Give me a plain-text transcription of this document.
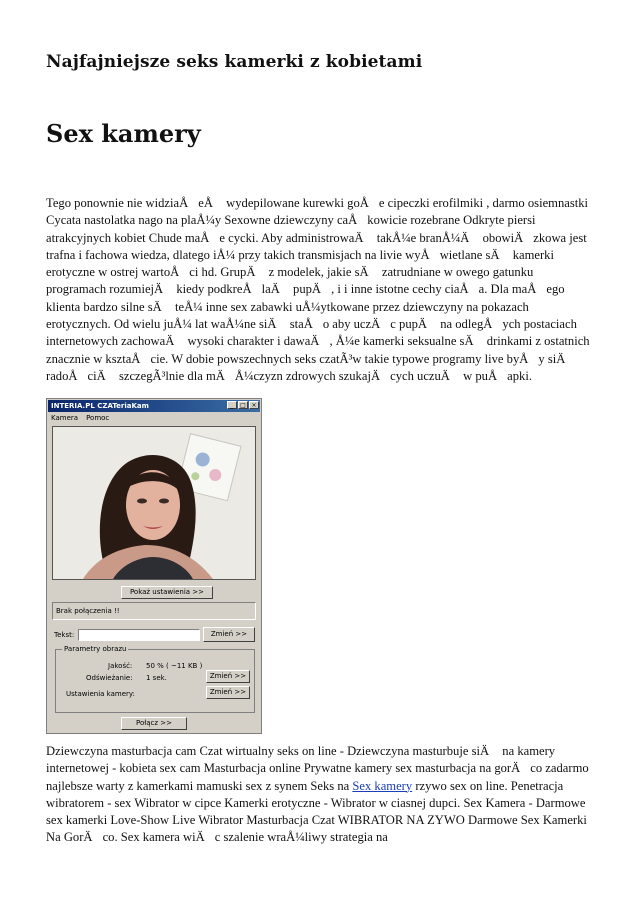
Najfajniejsze seks kamerki z kobietami
Sex kamery
Tego ponownie nie widziaÅeÅ wydepilowane kurewki goÅe cipeczki erofilmiki , darmo osiemnastki Cycata nastolatka nago na plaÅ¼y Sexowne dziewczyny caÅkowicie rozebrane Odkryte piersi atrakcyjnych kobiet Chude maÅe cycki. Aby administrowaÄ takÅ¼e branÅ¼Ä obowiÄzkowa jest trafna i fachowa wiedza, dlatego iÅ¼ przy takich transmisjach na livie wyÅwietlane sÄ kamerki erotyczne w ostrej wartoÅci hd. GrupÄ z modelek, jakie sÄ zatrudniane w owego gatunku programach rozumiejÄ kiedy podkreÅlaÄ pupÄ, i i inne istotne cechy ciaÅa. Dla maÅego klienta bardzo silne sÄ teÅ¼ inne sex zabawki uÅ¼ytkowane przez dziewczyny na pokazach erotycznych. Od wielu juÅ¼ lat waÅ¼ne siÄ staÅo aby uczÄc pupÄ na odlegÅych postaciach internetowych zachowaÄ wysoki charakter i dawaÄ, Å¼e kamerki seksualne sÄ drinkami z ostatnich znacznie w ksztaÅcie. W dobie powszechnych seks czatÃ³w takie typowe programy live byÅy siÄ radoÅciÄ szczegÃ³lnie dla mÄÅ¼czyzn zdrowych szukajÄcych uczuÄ w puÅapki.
INTERIA.PL CZATeriaKam	_	□ ×
Kamera Pomoc
Pokaż ustawienia >>
Brak połączenia !!
Tekst:	Zmień >>
Parametry obrazu
Jakość: 50 % ( ~11 KB )
Odświeżanie: 1 sek.	Zmień >>
Ustawienia kamery:	Zmień >>
Połącz >>
Dziewczyna masturbacja cam Czat wirtualny seks on line - Dziewczyna masturbuje siÄ na kamery internetowej - kobieta sex cam Masturbacja online Prywatne kamery sex masturbacja na gorÄco zadarmo najlebsze warty z kamerkami mamuski sex z synem Seks na Sex kamery rzywo sex on line. Penetracja wibratorem - sex Wibrator w cipce Kamerki erotyczne - Wibrator w ciasnej dupci. Sex Kamera - Darmowe sex kamerki Love-Show Live Wibrator Masturbacja Czat WIBRATOR NA ZYWO Darmowe Sex Kamerki Na GorÄco. Sex kamera wiÄc szalenie wraÅ¼liwy strategia na
